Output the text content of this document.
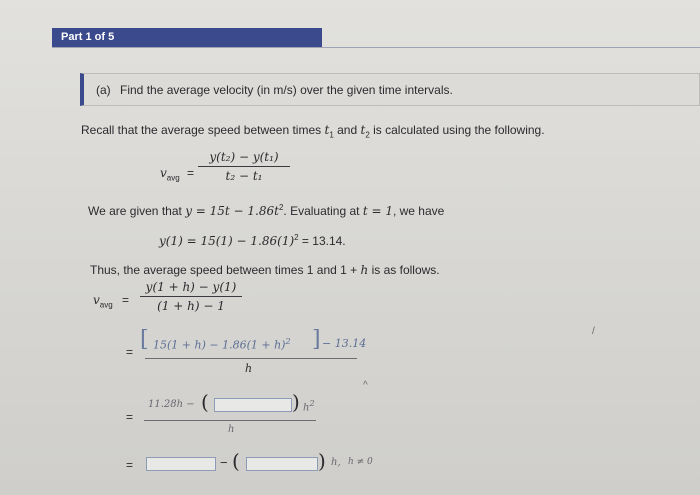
Part 1 of 5
(a) Find the average velocity (in m/s) over the given time intervals.
Recall that the average speed between times $t_1$ and $t_2$ is calculated using the following.
$v_{avg}$ =
y(t₂) − y(t₁)
t₂ − t₁
We are given that $y = 15t - 1.86t^2$. Evaluating at t = 1, we have
$y(1) = 15(1) - 1.86(1)^2 = 13.14$.
Thus, the average speed between times 1 and 1 + h is as follows.
$v_{avg}$ =
y(1 + h) − y(1)
(1 + h) − 1
= [ $15(1 + h) - 1.86(1 + h)^2$ ] − 13.14
h
=
11.28h − (	) $h^2$
h
=	− (	) h, h ≠ 0
/
^
